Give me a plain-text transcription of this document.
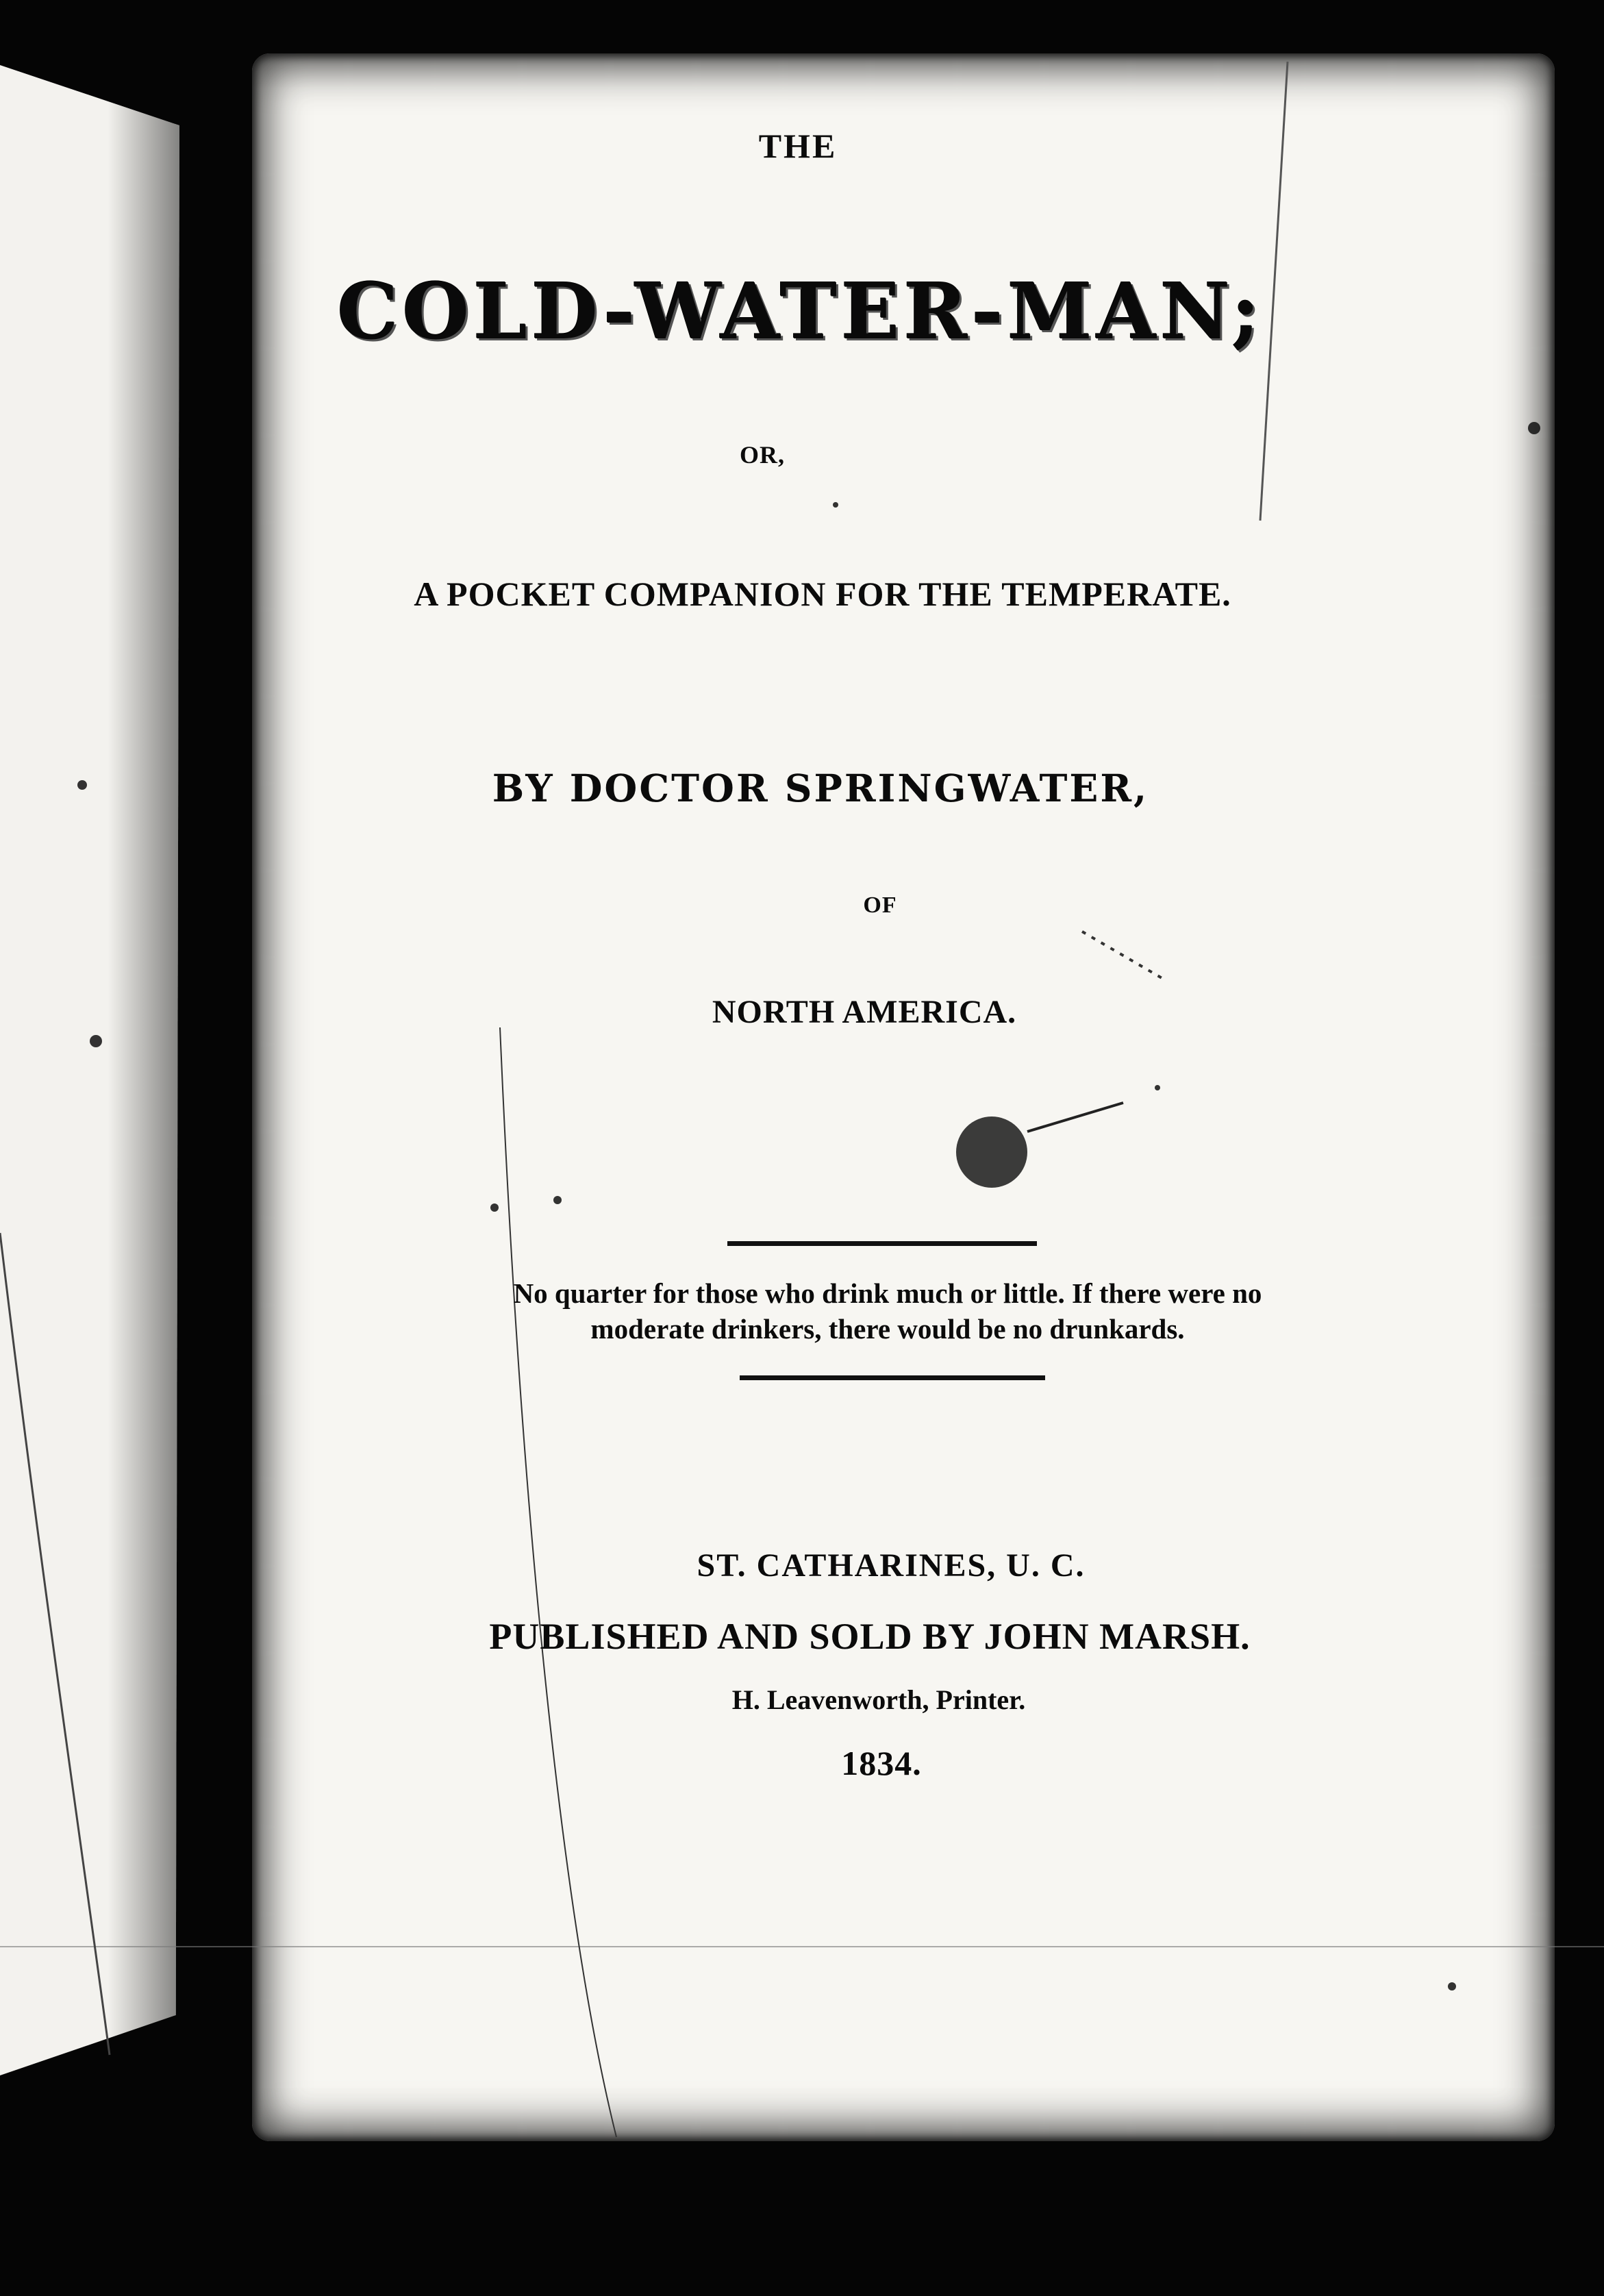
THE
COLD-WATER-MAN;
OR,
A POCKET COMPANION FOR THE TEMPERATE.
BY DOCTOR SPRINGWATER,
OF
NORTH AMERICA.
No quarter for those who drink much or little. If there were no
moderate drinkers, there would be no drunkards.
ST. CATHARINES, U. C.
PUBLISHED AND SOLD BY JOHN MARSH.
H. Leavenworth, Printer.
1834.
